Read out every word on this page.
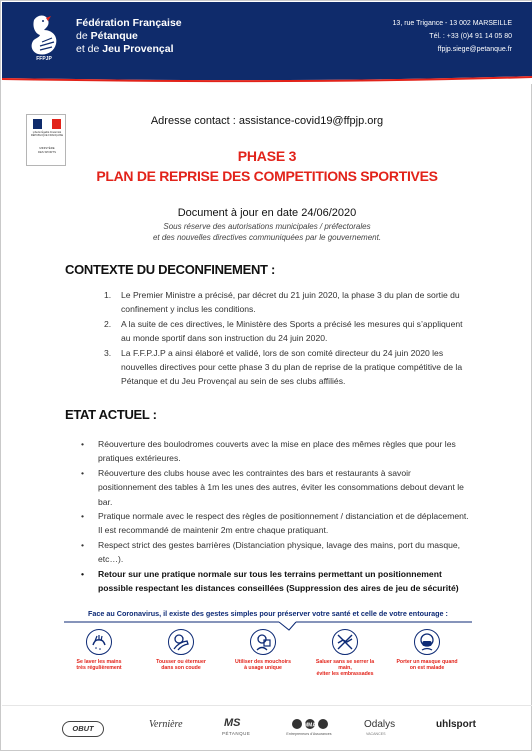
FFPJP
Fédération Française
de Pétanque
et de Jeu Provençal
13, rue Trigance - 13 002 MARSEILLE
Tél. : +33 (0)4 91 14 05 80
ffpjp.siege@petanque.fr
Liberté Égalité Fraternité RÉPUBLIQUE FRANÇAISE
MINISTÈRE
DES SPORTS
Adresse contact : assistance-covid19@ffpjp.org
PHASE 3
PLAN DE REPRISE DES COMPETITIONS SPORTIVES
Document à jour en date 24/06/2020
Sous réserve des autorisations municipales / préfectorales
et des nouvelles directives communiquées par le gouvernement.
CONTEXTE DU DECONFINEMENT :
1. Le Premier Ministre a précisé, par décret du 21 juin 2020, la phase 3 du plan de sortie du confinement y inclus les conditions.
2. A la suite de ces directives, le Ministère des Sports a précisé les mesures qui s’appliquent au monde sportif dans son instruction du 24 juin 2020.
3. La F.F.P.J.P a ainsi élaboré et validé, lors de son comité directeur du 24 juin 2020 les nouvelles directives pour cette phase 3 du plan de reprise de la pratique compétitive de la Pétanque et du Jeu Provençal au sein de ses clubs affiliés.
ETAT ACTUEL :
• Réouverture des boulodromes couverts avec la mise en place des mêmes règles que pour les pratiques extérieures.
• Réouverture des clubs house avec les contraintes des bars et restaurants à savoir positionnement des tables à 1m les unes des autres, éviter les consommations debout devant le bar.
• Pratique normale avec le respect des règles de positionnement / distanciation et de déplacement. Il est recommandé de maintenir 2m entre chaque pratiquant.
• Respect strict des gestes barrières (Distanciation physique, lavage des mains, port du masque, etc…).
• Retour sur une pratique normale sur tous les terrains permettant un positionnement possible respectant les distances conseillées (Suppression des aires de jeu de sécurité)
Face au Coronavirus, il existe des gestes simples pour préserver votre santé et celle de votre entourage :
Se laver les mains
très régulièrement
Tousser ou éternuer
dans son coude
Utiliser des mouchoirs
à usage unique
Saluer sans se serrer la main,
éviter les embrassades
Porter un masque quand
on est malade
OBUT	Vernière	MS
PÉTANQUE
MMA
Entrepreneurs d'Assurances
Odalys
VACANCES
uhlsport
